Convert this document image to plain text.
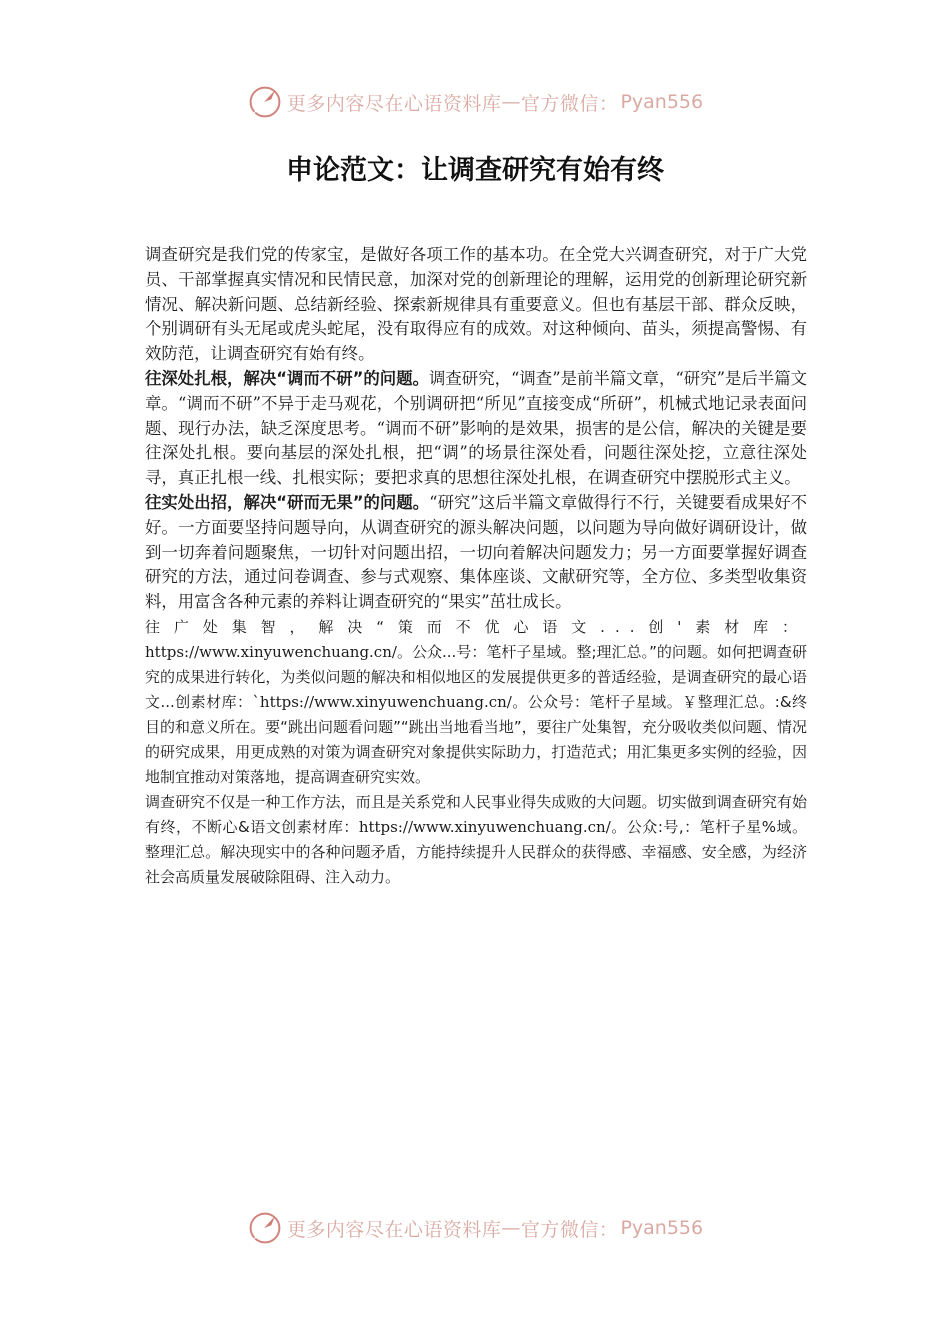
更多内容尽在心语资料库 — 官方微信： Pyan556
申论范文：让调查研究有始有终

调查研究是我们党的传家宝，是做好各项工作的基本功。在全党大兴调查研究，对于广大党员、干部掌握真实情况和民情民意，加深对党的创新理论的理解，运用党的创新理论研究新情况、解决新问题、总结新经验、探索新规律具有重要意义。但也有基层干部、群众反映，个别调研有头无尾或虎头蛇尾，没有取得应有的成效。对这种倾向、苗头，须提高警惕、有效防范，让调查研究有始有终。

往深处扎根，解决“调而不研”的问题。调查研究，“调查”是前半篇文章，“研究”是后半篇文章。“调而不研”不异于走马观花，个别调研把“所见”直接变成“所研”，机械式地记录表面问题、现行办法，缺乏深度思考。“调而不研”影响的是效果，损害的是公信，解决的关键是要往深处扎根。要向基层的深处扎根，把“调”的场景往深处看，问题往深处挖，立意往深处寻，真正扎根一线、扎根实际；要把求真的思想往深处扎根，在调查研究中摆脱形式主义。

往实处出招，解决“研而无果”的问题。“研究”这后半篇文章做得行不行，关键要看成果好不好。一方面要坚持问题导向，从调查研究的源头解决问题，以问题为导向做好调研设计，做到一切奔着问题聚焦，一切针对问题出招，一切向着解决问题发力；另一方面要掌握好调查研究的方法，通过问卷调查、参与式观察、集体座谈、文献研究等，全方位、多类型收集资料，用富含各种元素的养料让调查研究的“果实”茁壮成长。

往广处集智，解决“策而不优心语文...创'素材库：https://www.xinyuwenchuang.cn/。公众...号：笔杆子星域。整;理汇总。”的问题。如何把调查研究的成果进行转化，为类似问题的解决和相似地区的发展提供更多的普适经验，是调查研究的最心语文...创素材库：`https://www.xinyuwenchuang.cn/。公众号：笔杆子星域。￥整理汇总。:&终目的和意义所在。要“跳出问题看问题”“跳出当地看当地”，要往广处集智，充分吸收类似问题、情况的研究成果，用更成熟的对策为调查研究对象提供实际助力，打造范式；用汇集更多实例的经验，因地制宜推动对策落地，提高调查研究实效。

调查研究不仅是一种工作方法，而且是关系党和人民事业得失成败的大问题。切实做到调查研究有始有终，不断心&语文创素材库：https://www.xinyuwenchuang.cn/。公众:号,：笔杆子星%域。整理汇总。解决现实中的各种问题矛盾，方能持续提升人民群众的获得感、幸福感、安全感，为经济社会高质量发展破除阻碍、注入动力。

更多内容尽在心语资料库 — 官方微信： Pyan556
